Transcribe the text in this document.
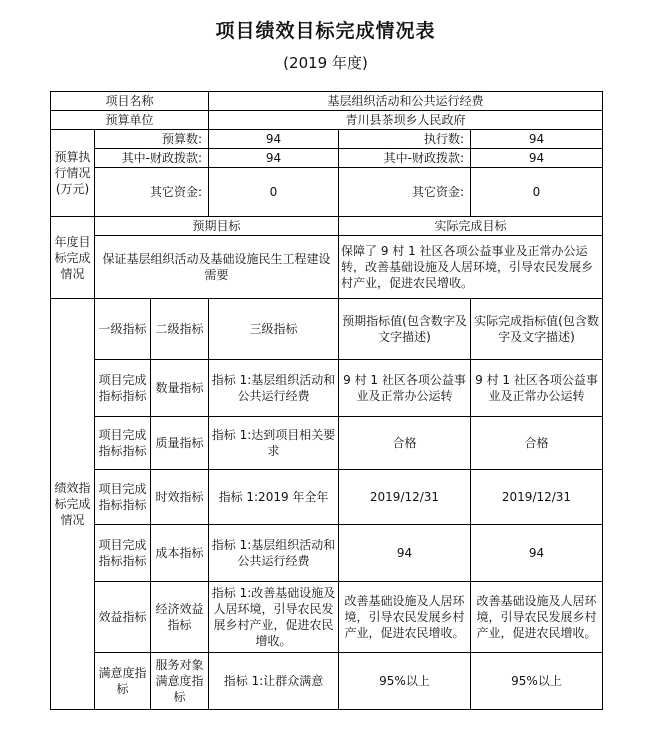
项目绩效目标完成情况表
(2019 年度)
项目名称			基层组织活动和公共运行经费		
预算单位			青川县茶坝乡人民政府		
预算执行情况(万元)	预算数:		94	执行数:	94
	其中-财政拨款:		94	其中-财政拨款:	94
	其它资金:		0	其它资金:	0
年度目标完成情况	预期目标			实际完成目标	
	保证基层组织活动及基础设施民生工程建设需要			保障了 9 村 1 社区各项公益事业及正常办公运转，改善基础设施及人居环境，引导农民发展乡村产业，促进农民增收。	
绩效指标完成情况	一级指标	二级指标	三级指标	预期指标值(包含数字及文字描述)	实际完成指标值(包含数字及文字描述)
	项目完成指标指标	数量指标	指标 1:基层组织活动和公共运行经费	9 村 1 社区各项公益事业及正常办公运转	9 村 1 社区各项公益事业及正常办公运转
	项目完成指标指标	质量指标	指标 1:达到项目相关要求	合格	合格
	项目完成指标指标	时效指标	指标 1:2019 年全年	2019/12/31	2019/12/31
	项目完成指标指标	成本指标	指标 1:基层组织活动和公共运行经费	94	94
	效益指标	经济效益指标	指标 1:改善基础设施及人居环境，引导农民发展乡村产业，促进农民增收。	改善基础设施及人居环境，引导农民发展乡村产业，促进农民增收。	改善基础设施及人居环境，引导农民发展乡村产业，促进农民增收。
	满意度指标	服务对象满意度指标	指标 1:让群众满意	95%以上	95%以上
